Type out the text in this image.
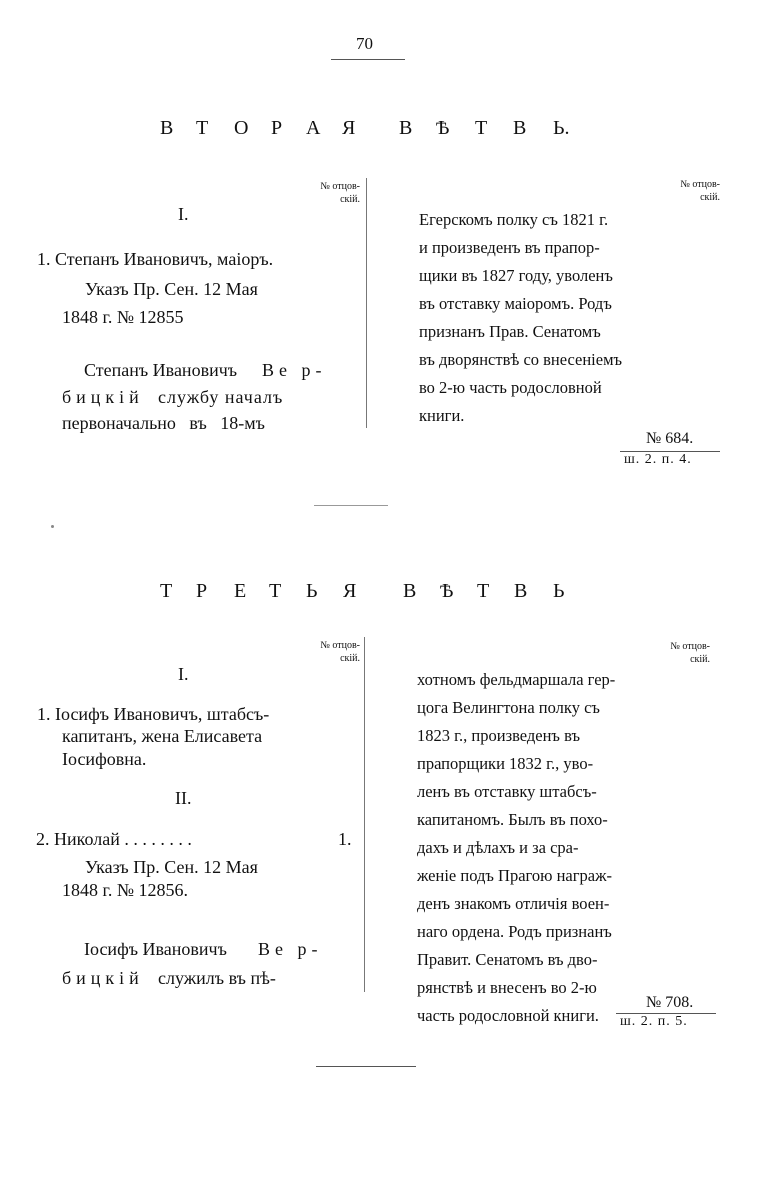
70
В Т О Р А Я В Ѣ Т В Ь.
№ отцов-
скій.
№ отцов-
скій.
I.
1. Степанъ Ивановичъ, маіоръ.
Указъ Пр. Сен. 12 Мая
1848 г. № 12855
Степанъ Ивановичъ Ве р-
бицкій службу началъ
первоначально   въ   18-мъ
Егерскомъ полку съ 1821 г.
и произведенъ въ прапор-
щики въ 1827 году, уволенъ
въ отставку маіоромъ. Родъ
признанъ Прав. Сенатомъ
въ дворянствѣ со внесеніемъ
во 2-ю часть родословной
книги.
№ 684.
ш. 2. п. 4.
Т Р Е Т Ь Я В Ѣ Т В Ь
№ отцов-
скій.
№ отцов-
скій.
I.
1. Іосифъ Ивановичъ, штабсъ-
капитанъ, жена Елисавета
Іосифовна.
II.
2. Николай . . . . . . . .	1.
Указъ Пр. Сен. 12 Мая
1848 г. № 12856.
Іосифъ Ивановичъ Ве р-
бицкій служилъ въ пѣ-
хотномъ фельдмаршала гер-
цога Велингтона полку съ
1823 г., произведенъ въ
прапорщики 1832 г., уво-
ленъ въ отставку штабсъ-
капитаномъ. Былъ въ похо-
дахъ и дѣлахъ и за сра-
женіе подъ Прагою награж-
денъ знакомъ отличія воен-
наго ордена. Родъ признанъ
Правит. Сенатомъ въ дво-
рянствѣ и внесенъ во 2-ю
часть родословной книги.
№ 708.
ш. 2. п. 5.
